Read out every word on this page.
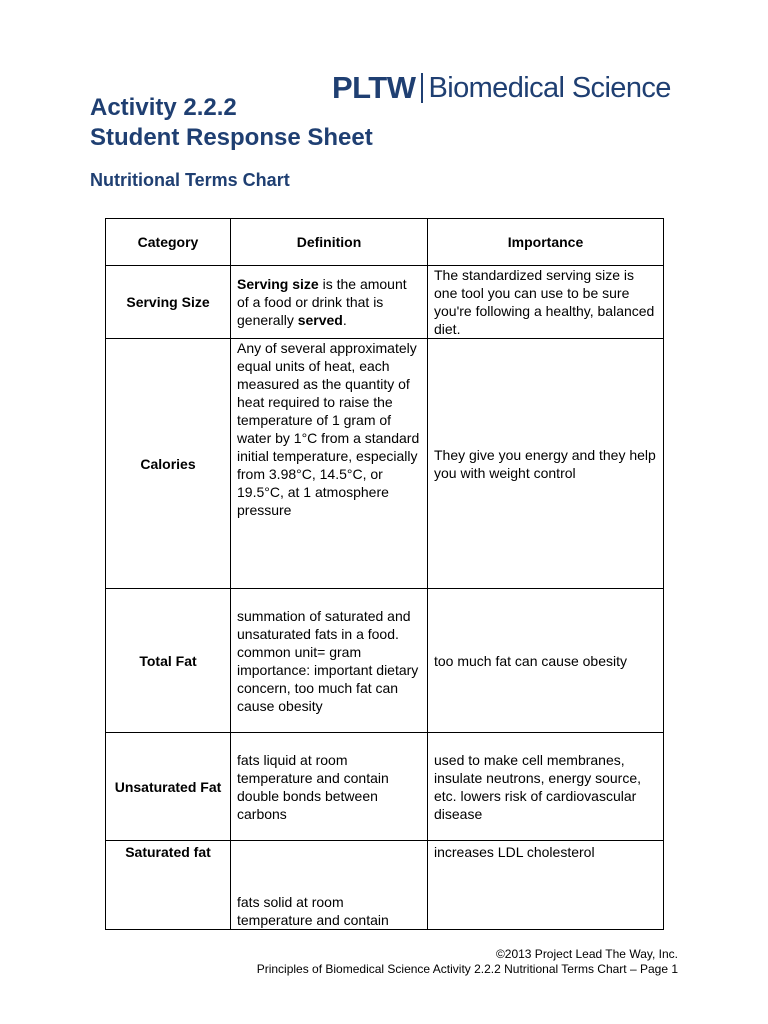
PLTW Biomedical Science
Activity 2.2.2
Student Response Sheet
Nutritional Terms Chart
Category	Definition	Importance
Serving Size	Serving size is the amount of a food or drink that is generally served.	The standardized serving size is one tool you can use to be sure you're following a healthy, balanced diet.
Calories	Any of several approximately equal units of heat, each measured as the quantity of heat required to raise the temperature of 1 gram of water by 1°C from a standard initial temperature, especially from 3.98°C, 14.5°C, or 19.5°C, at 1 atmosphere pressure	They give you energy and they help you with weight control
Total Fat	summation of saturated and unsaturated fats in a food. common unit= gram importance: important dietary concern, too much fat can cause obesity	too much fat can cause obesity
Unsaturated Fat	fats liquid at room temperature and contain double bonds between carbons	used to make cell membranes, insulate neutrons, energy source, etc. lowers risk of cardiovascular disease
Saturated fat	fats solid at room temperature and contain	increases LDL cholesterol
©2013 Project Lead The Way, Inc.
Principles of Biomedical Science Activity 2.2.2 Nutritional Terms Chart – Page 1
